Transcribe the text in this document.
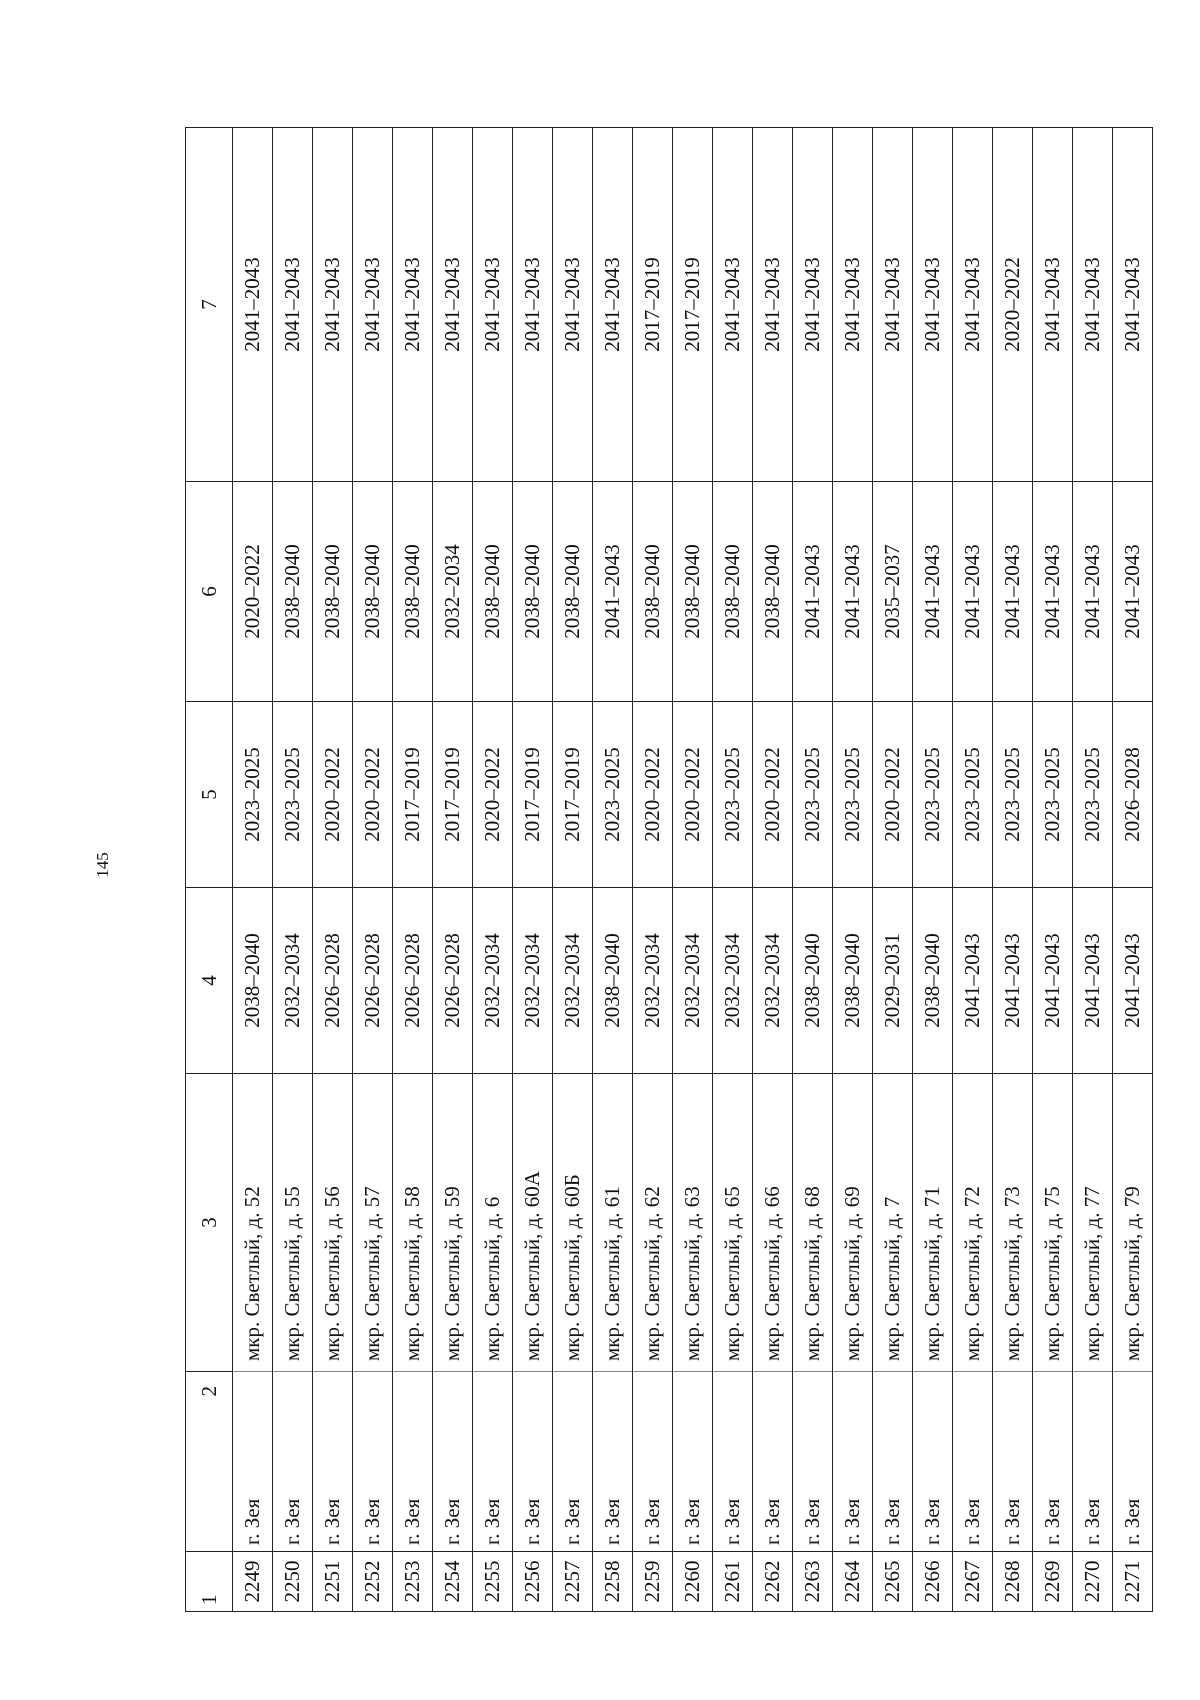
145
1	2	3	4	5	6	7
2249	г. Зея	мкр. Светлый, д. 52	2038–2040	2023–2025	2020–2022	2041–2043
2250	г. Зея	мкр. Светлый, д. 55	2032–2034	2023–2025	2038–2040	2041–2043
2251	г. Зея	мкр. Светлый, д. 56	2026–2028	2020–2022	2038–2040	2041–2043
2252	г. Зея	мкр. Светлый, д. 57	2026–2028	2020–2022	2038–2040	2041–2043
2253	г. Зея	мкр. Светлый, д. 58	2026–2028	2017–2019	2038–2040	2041–2043
2254	г. Зея	мкр. Светлый, д. 59	2026–2028	2017–2019	2032–2034	2041–2043
2255	г. Зея	мкр. Светлый, д. 6	2032–2034	2020–2022	2038–2040	2041–2043
2256	г. Зея	мкр. Светлый, д. 60А	2032–2034	2017–2019	2038–2040	2041–2043
2257	г. Зея	мкр. Светлый, д. 60Б	2032–2034	2017–2019	2038–2040	2041–2043
2258	г. Зея	мкр. Светлый, д. 61	2038–2040	2023–2025	2041–2043	2041–2043
2259	г. Зея	мкр. Светлый, д. 62	2032–2034	2020–2022	2038–2040	2017–2019
2260	г. Зея	мкр. Светлый, д. 63	2032–2034	2020–2022	2038–2040	2017–2019
2261	г. Зея	мкр. Светлый, д. 65	2032–2034	2023–2025	2038–2040	2041–2043
2262	г. Зея	мкр. Светлый, д. 66	2032–2034	2020–2022	2038–2040	2041–2043
2263	г. Зея	мкр. Светлый, д. 68	2038–2040	2023–2025	2041–2043	2041–2043
2264	г. Зея	мкр. Светлый, д. 69	2038–2040	2023–2025	2041–2043	2041–2043
2265	г. Зея	мкр. Светлый, д. 7	2029–2031	2020–2022	2035–2037	2041–2043
2266	г. Зея	мкр. Светлый, д. 71	2038–2040	2023–2025	2041–2043	2041–2043
2267	г. Зея	мкр. Светлый, д. 72	2041–2043	2023–2025	2041–2043	2041–2043
2268	г. Зея	мкр. Светлый, д. 73	2041–2043	2023–2025	2041–2043	2020–2022
2269	г. Зея	мкр. Светлый, д. 75	2041–2043	2023–2025	2041–2043	2041–2043
2270	г. Зея	мкр. Светлый, д. 77	2041–2043	2023–2025	2041–2043	2041–2043
2271	г. Зея	мкр. Светлый, д. 79	2041–2043	2026–2028	2041–2043	2041–2043
